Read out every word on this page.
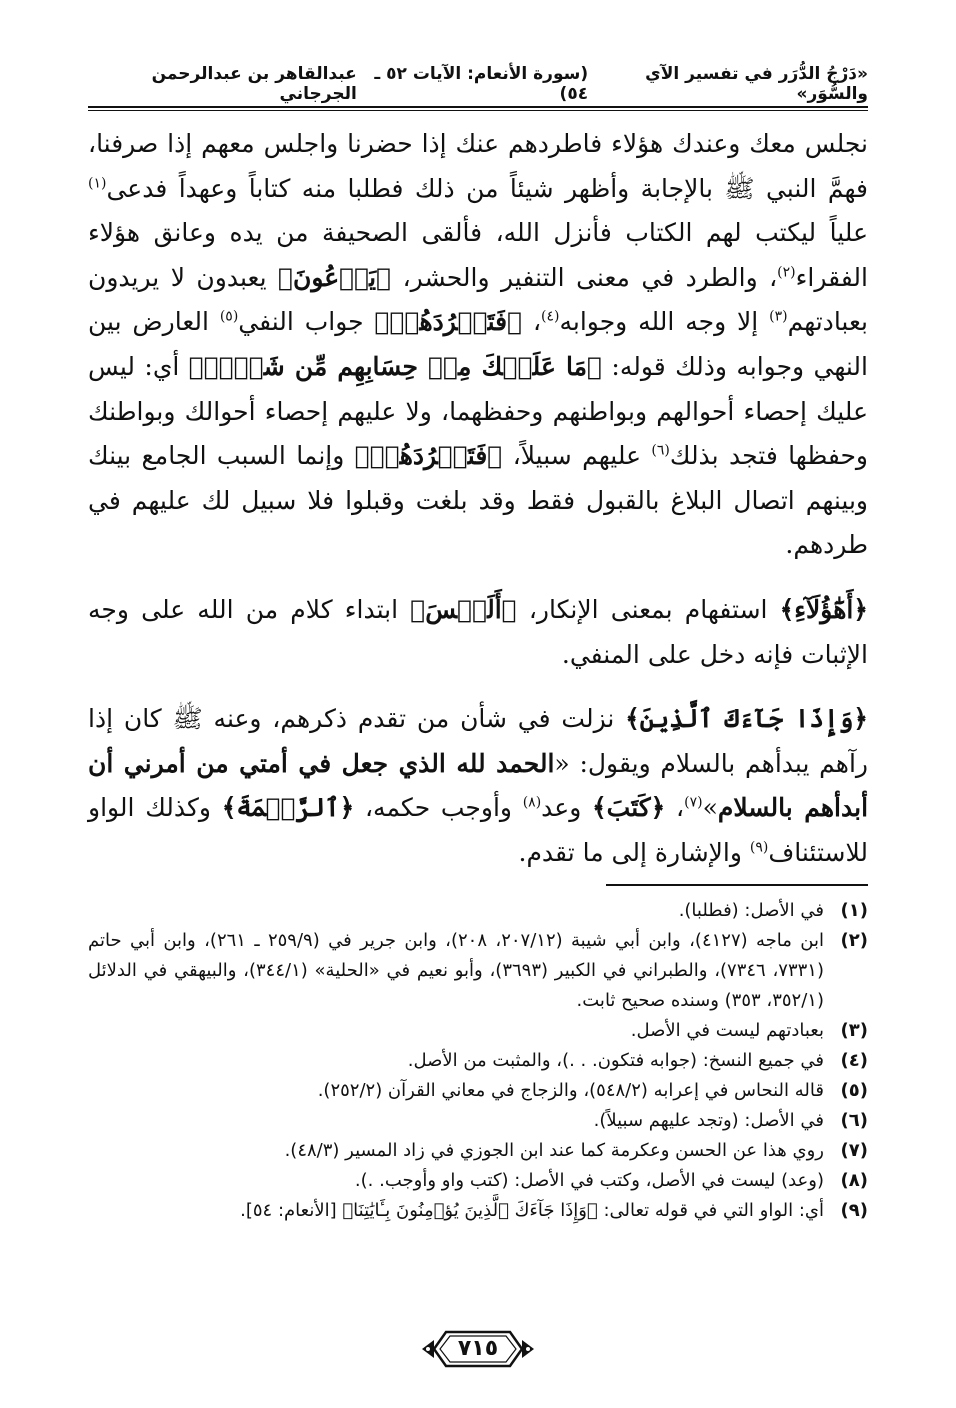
«دَرْجُ الدُّرَر في تفسير الآي والسُّوَر»
(سورة الأنعام: الآيات ٥٢ ـ ٥٤)
عبدالقاهر بن عبدالرحمن الجرجاني

نجلس معك وعندك هؤلاء فاطردهم عنك إذا حضرنا واجلس معهم إذا صرفنا، فهمَّ النبي ﷺ بالإجابة وأظهر شيئاً من ذلك فطلبا منه كتاباً وعهداً فدعى$^{(١)}$ علياً ليكتب لهم الكتاب فأنزل الله، فألقى الصحيفة من يده وعانق هؤلاء الفقراء$^{(٢)}$، والطرد في معنى التنفير والحشر، ﴿يَدۡعُونَ﴾ يعبدون لا يريدون بعبادتهم$^{(٣)}$ إلا وجه الله وجوابه$^{(٤)}$، ﴿فَتَطۡرُدَهُمۡ﴾ جواب النفي$^{(٥)}$ العارض بين النهي وجوابه وذلك قوله: ﴿مَا عَلَيۡكَ مِنۡ حِسَابِهِم مِّن شَيۡءٖ﴾ أي: ليس عليك إحصاء أحوالهم وبواطنهم وحفظهما، ولا عليهم إحصاء أحوالك وبواطنك وحفظها فتجد بذلك$^{(٦)}$ عليهم سبيلاً، ﴿فَتَطۡرُدَهُمۡ﴾ وإنما السبب الجامع بينك وبينهم اتصال البلاغ بالقبول فقط وقد بلغت وقبلوا فلا سبيل لك عليهم في طردهم.

﴿أَهَٰٓؤُلَآءِ﴾ استفهام بمعنى الإنكار، ﴿أَلَيۡسَ﴾ ابتداء كلام من الله على وجه الإثبات فإنه دخل على المنفي.

﴿وَإِذَا جَآءَكَ ٱلَّذِينَ﴾ نزلت في شأن من تقدم ذكرهم، وعنه ﷺ كان إذا رآهم يبدأهم بالسلام ويقول: «الحمد لله الذي جعل في أمتي من أمرني أن أبدأهم بالسلام»$^{(٧)}$، ﴿كَتَبَ﴾ وعد$^{(٨)}$ وأوجب حكمه، ﴿ٱلرَّحۡمَةَ﴾ وكذلك الواو للاستئناف$^{(٩)}$ والإشارة إلى ما تقدم.

(١)
في الأصل: (فطلبا).
(٢)
ابن ماجه (٤١٢٧)، وابن أبي شيبة (٢٠٧/١٢، ٢٠٨)، وابن جرير في (٢٥٩/٩ ـ ٢٦١)، وابن أبي حاتم (٧٣٣١، ٧٣٤٦)، والطبراني في الكبير (٣٦٩٣)، وأبو نعيم في «الحلية» (٣٤٤/١)، والبيهقي في الدلائل (٣٥٢/١، ٣٥٣) وسنده صحيح ثابت.
(٣)
بعبادتهم ليست في الأصل.
(٤)
في جميع النسخ: (جوابه فتكون. . .)، والمثبت من الأصل.
(٥)
قاله النحاس في إعرابه (٥٤٨/٢)، والزجاج في معاني القرآن (٢٥٢/٢).
(٦)
في الأصل: (وتجد عليهم سبيلاً).
(٧)
روي هذا عن الحسن وعكرمة كما عند ابن الجوزي في زاد المسير (٤٨/٣).
(٨)
(وعد) ليست في الأصل، وكتب في الأصل: (كتب واو وأوجب. .).
(٩)
أي: الواو التي في قوله تعالى: ﴿وَإِذَا جَآءَكَ ٱلَّذِينَ يُؤۡمِنُونَ بِـَٔايَٰتِنَا﴾ [الأنعام: ٥٤].
٧١٥
